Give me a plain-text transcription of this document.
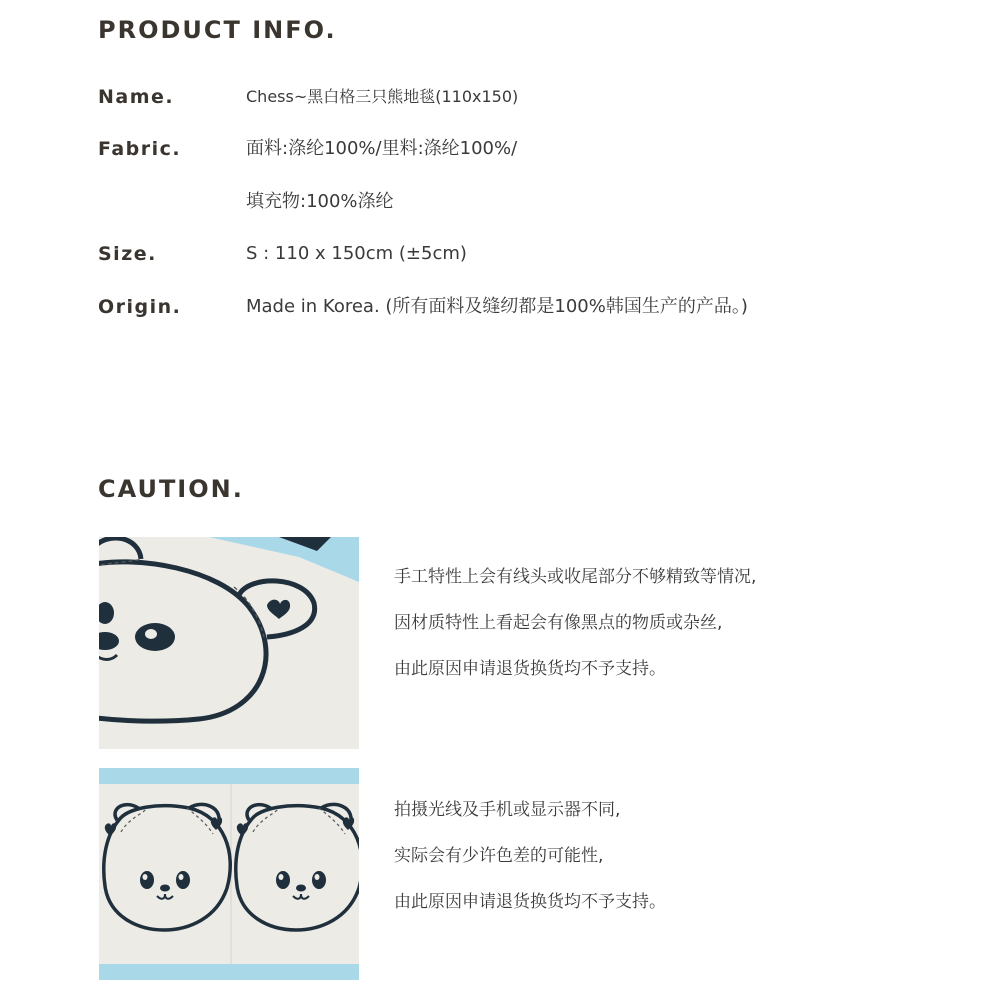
PRODUCT INFO.
Name.	Chess~黑白格三只熊地毯(110x150)
Fabric.	面料:涤纶100%/里料:涤纶100%/
填充物:100%涤纶
Size.	S : 110 x 150cm (±5cm)
Origin.	Made in Korea. (所有面料及缝纫都是100%韩国生产的产品。)
CAUTION.
手工特性上会有线头或收尾部分不够精致等情况,
因材质特性上看起会有像黑点的物质或杂丝,
由此原因申请退货换货均不予支持。
拍摄光线及手机或显示器不同,
实际会有少许色差的可能性,
由此原因申请退货换货均不予支持。
